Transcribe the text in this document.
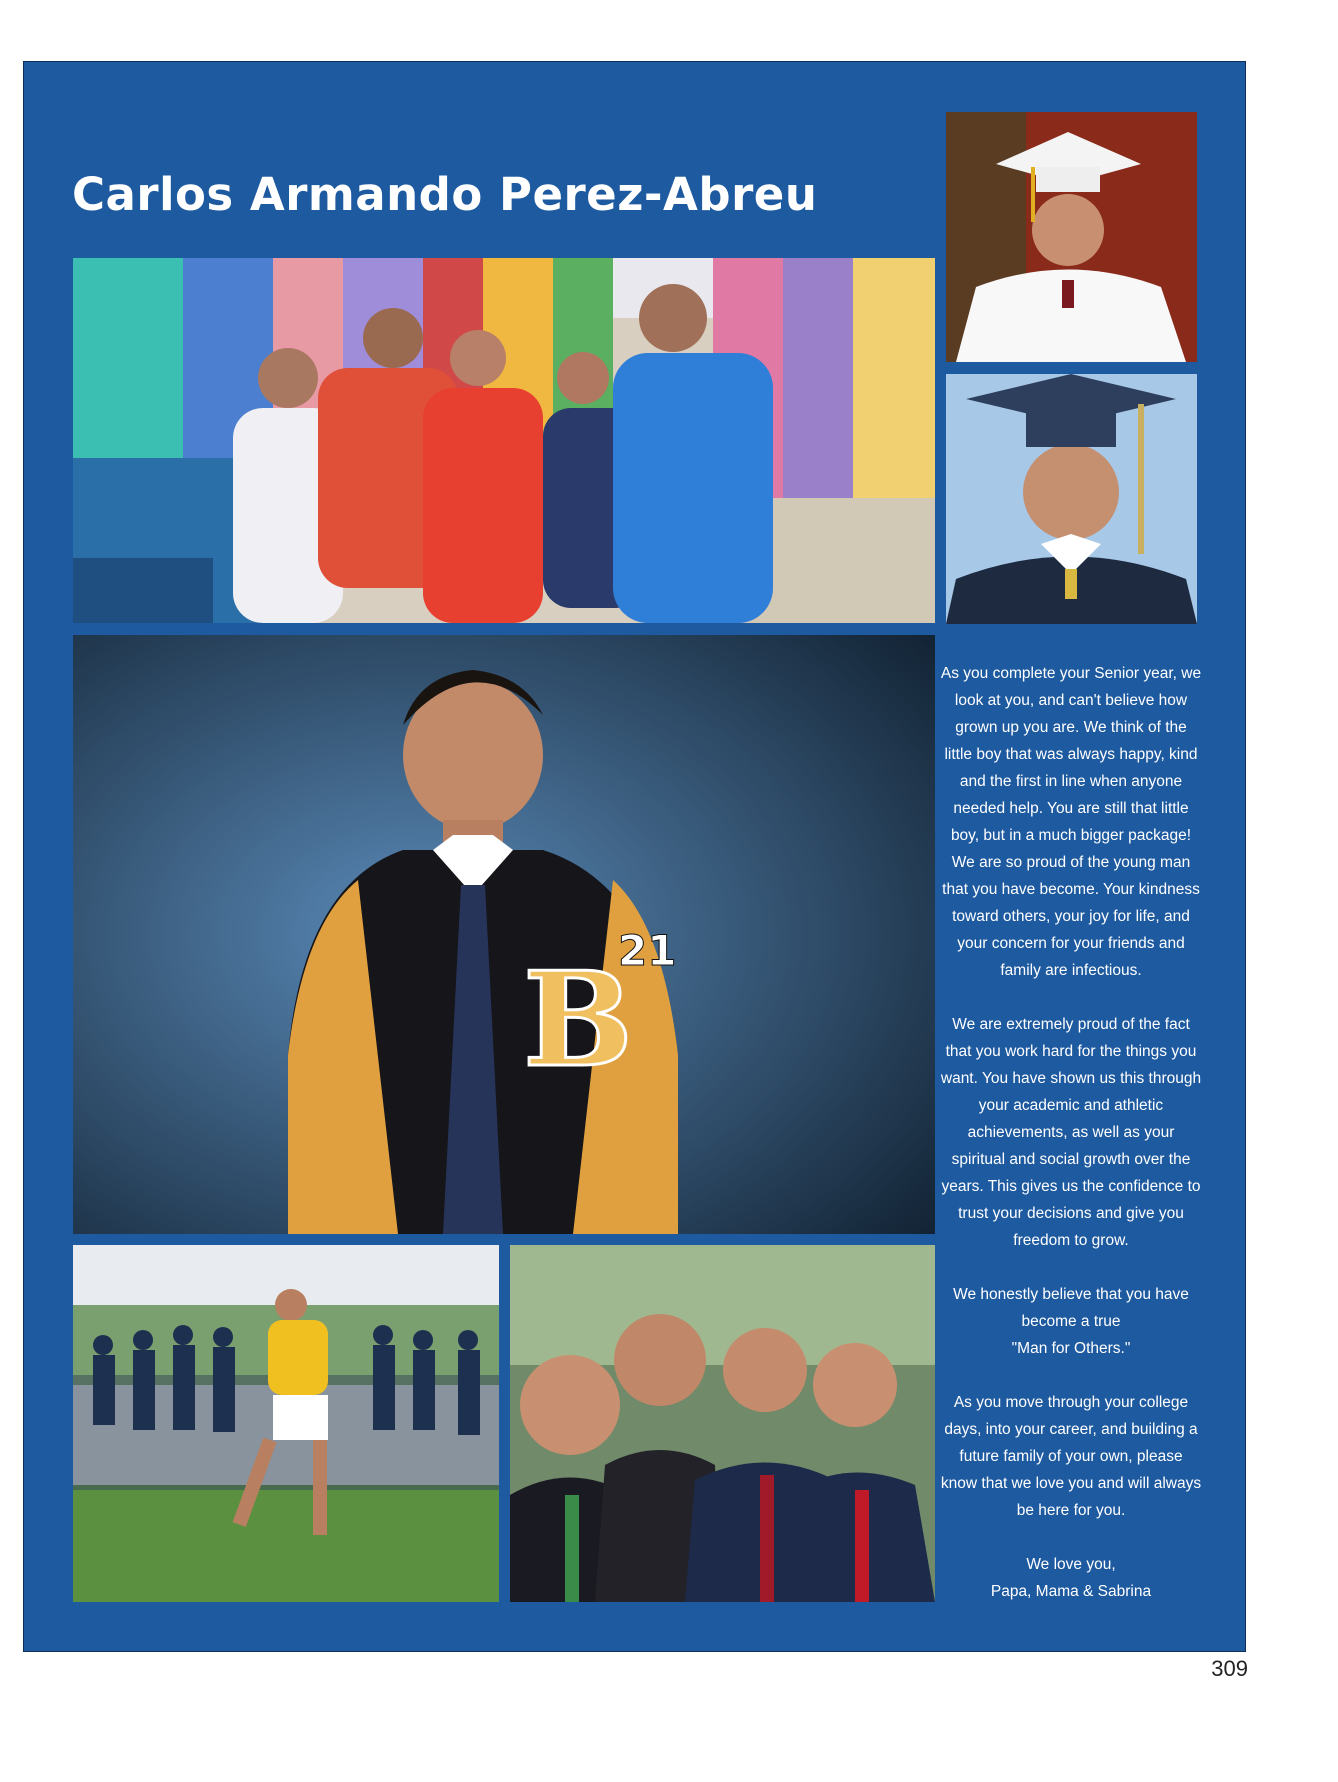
Carlos Armando Perez-Abreu
B
21

As you complete your Senior year, we look at you, and can't believe how grown up you are. We think of the little boy that was always happy, kind and the first in line when anyone needed help. You are still that little boy, but in a much bigger package! We are so proud of the young man that you have become. Your kindness toward others, your joy for life, and your concern for your friends and family are infectious.

We are extremely proud of the fact that you work hard for the things you want. You have shown us this through your academic and athletic achievements, as well as your spiritual and social growth over the years. This gives us the confidence to trust your decisions and give you freedom to grow.

We honestly believe that you have become a true
"Man for Others."

As you move through your college days, into your career, and building a future family of your own, please know that we love you and will always be here for you.

We love you,
Papa, Mama & Sabrina

309
